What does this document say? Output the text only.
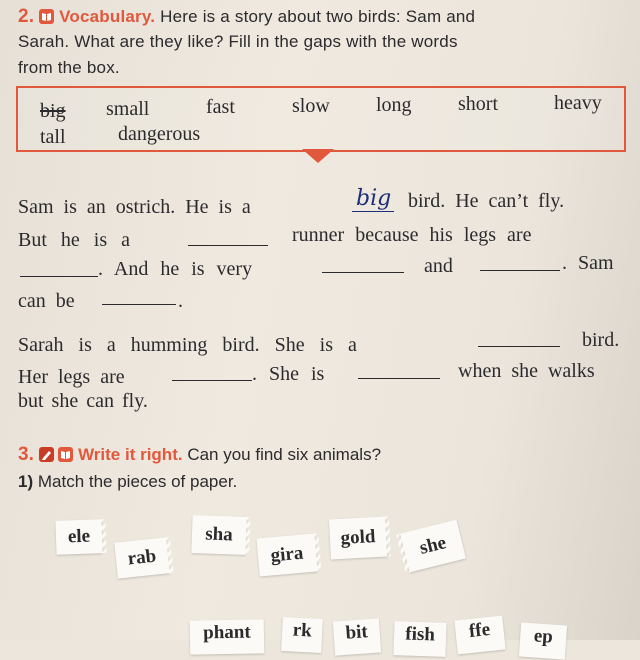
2. Vocabulary. Here is a story about two birds: Sam and
Sarah. What are they like? Fill in the gaps with the words
from the box.
big small	fast	slow long short	heavy
tall	dangerous
Sam is an ostrich. He is a	big bird. He can’t fly.
But he is a	runner because his legs are
. And he is very	and	. Sam
can be	.
Sarah is a humming bird. She is a	bird.
Her legs are	. She is	when she walks
but she can fly.
3.
	Write it right. Can you find six animals?
1) Match the pieces of paper.
ele
rab
sha
gira
gold she
phant rk bit fish ffe ep
